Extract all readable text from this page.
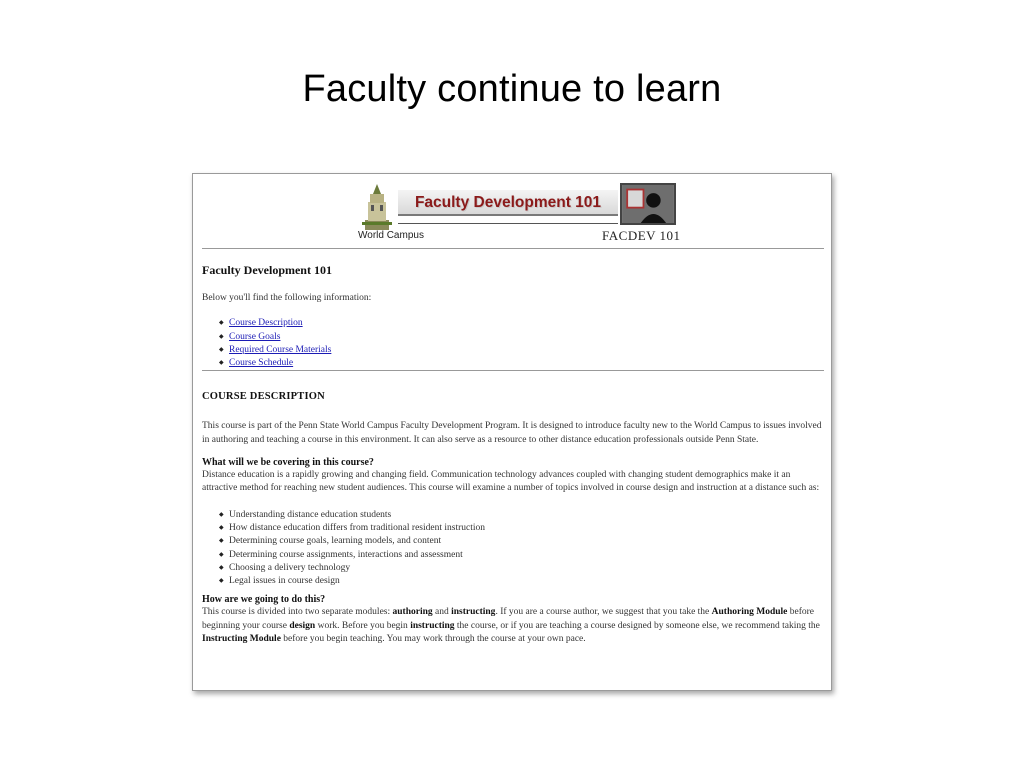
Faculty continue to learn
Faculty Development 101
World Campus	FACDEV 101
Faculty Development 101
Below you'll find the following information:
◆ Course Description
◆ Course Goals
◆ Required Course Materials
◆ Course Schedule
COURSE DESCRIPTION
This course is part of the Penn State World Campus Faculty Development Program. It is designed to introduce faculty new to the World Campus to issues involved in authoring and teaching a course in this environment. It can also serve as a resource to other distance education professionals outside Penn State.
What will we be covering in this course?
Distance education is a rapidly growing and changing field. Communication technology advances coupled with changing student demographics make it an attractive method for reaching new student audiences. This course will examine a number of topics involved in course design and instruction at a distance such as:
◆ Understanding distance education students
◆ How distance education differs from traditional resident instruction
◆ Determining course goals, learning models, and content
◆ Determining course assignments, interactions and assessment
◆ Choosing a delivery technology
◆ Legal issues in course design
How are we going to do this?
This course is divided into two separate modules: authoring and instructing. If you are a course author, we suggest that you take the Authoring Module before beginning your course design work. Before you begin instructing the course, or if you are teaching a course designed by someone else, we recommend taking the Instructing Module before you begin teaching. You may work through the course at your own pace.
